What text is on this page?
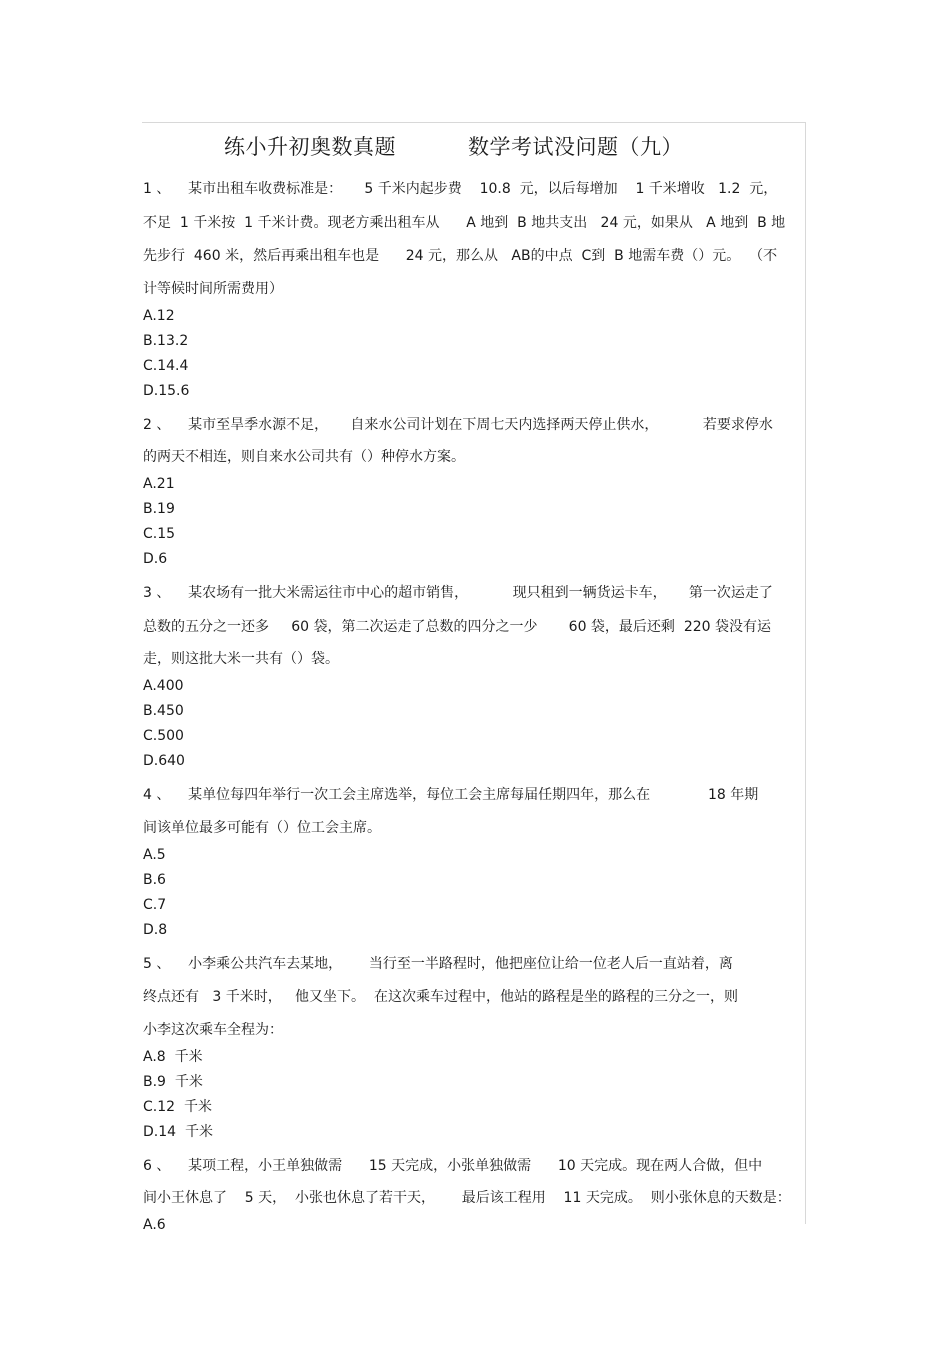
练小升初奥数真题	数学考试没问题（九）
1 、    某市出租车收费标准是：     5 千米内起步费    10.8  元，以后每增加    1 千米增收   1.2  元，
不足  1 千米按  1 千米计费。现老方乘出租车从      A 地到  B 地共支出   24 元，如果从   A 地到  B 地
先步行  460 米，然后再乘出租车也是      24 元，那么从   AB的中点  C到  B 地需车费（）元。  （不
计等候时间所需费用）
A.12
B.13.2
C.14.4
D.15.6
2 、    某市至旱季水源不足，     自来水公司计划在下周七天内选择两天停止供水，          若要求停水
的两天不相连，则自来水公司共有（）种停水方案。
A.21
B.19
C.15
D.6
3 、    某农场有一批大米需运往市中心的超市销售，          现只租到一辆货运卡车，     第一次运走了
总数的五分之一还多     60 袋，第二次运走了总数的四分之一少       60 袋，最后还剩  220 袋没有运
走，则这批大米一共有（）袋。
A.400
B.450
C.500
D.640
4 、    某单位每四年举行一次工会主席选举，每位工会主席每届任期四年，那么在             18 年期
间该单位最多可能有（）位工会主席。
A.5
B.6
C.7
D.8
5 、    小李乘公共汽车去某地，      当行至一半路程时，他把座位让给一位老人后一直站着，离
终点还有   3 千米时，   他又坐下。  在这次乘车过程中，他站的路程是坐的路程的三分之一，则
小李这次乘车全程为：
A.8  千米
B.9  千米
C.12  千米
D.14  千米
6 、    某项工程，小王单独做需      15 天完成，小张单独做需      10 天完成。现在两人合做，但中
间小王休息了    5 天，  小张也休息了若干天，      最后该工程用    11 天完成。  则小张休息的天数是：
A.6
